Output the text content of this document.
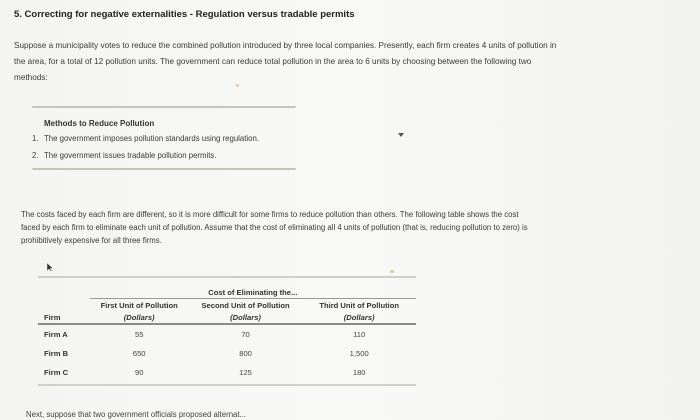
5. Correcting for negative externalities - Regulation versus tradable permits
Suppose a municipality votes to reduce the combined pollution introduced by three local companies. Presently, each firm creates 4 units of pollution in
the area, for a total of 12 pollution units. The government can reduce total pollution in the area to 6 units by choosing between the following two
methods:
Methods to Reduce Pollution
1. The government imposes pollution standards using regulation.
2. The government issues tradable pollution permits.
The costs faced by each firm are different, so it is more difficult for some firms to reduce pollution than others. The following table shows the cost
faced by each firm to eliminate each unit of pollution. Assume that the cost of eliminating all 4 units of pollution (that is, reducing pollution to zero) is
prohibitively expensive for all three firms.
	Cost of Eliminating the...		

	First Unit of Pollution	Second Unit of Pollution	Third Unit of Pollution
Firm	(Dollars)	(Dollars)	(Dollars)

Firm A	55	70	110
Firm B	650	800	1,500
Firm C	90	125	180
Next, suppose that two government officials proposed alternat...
